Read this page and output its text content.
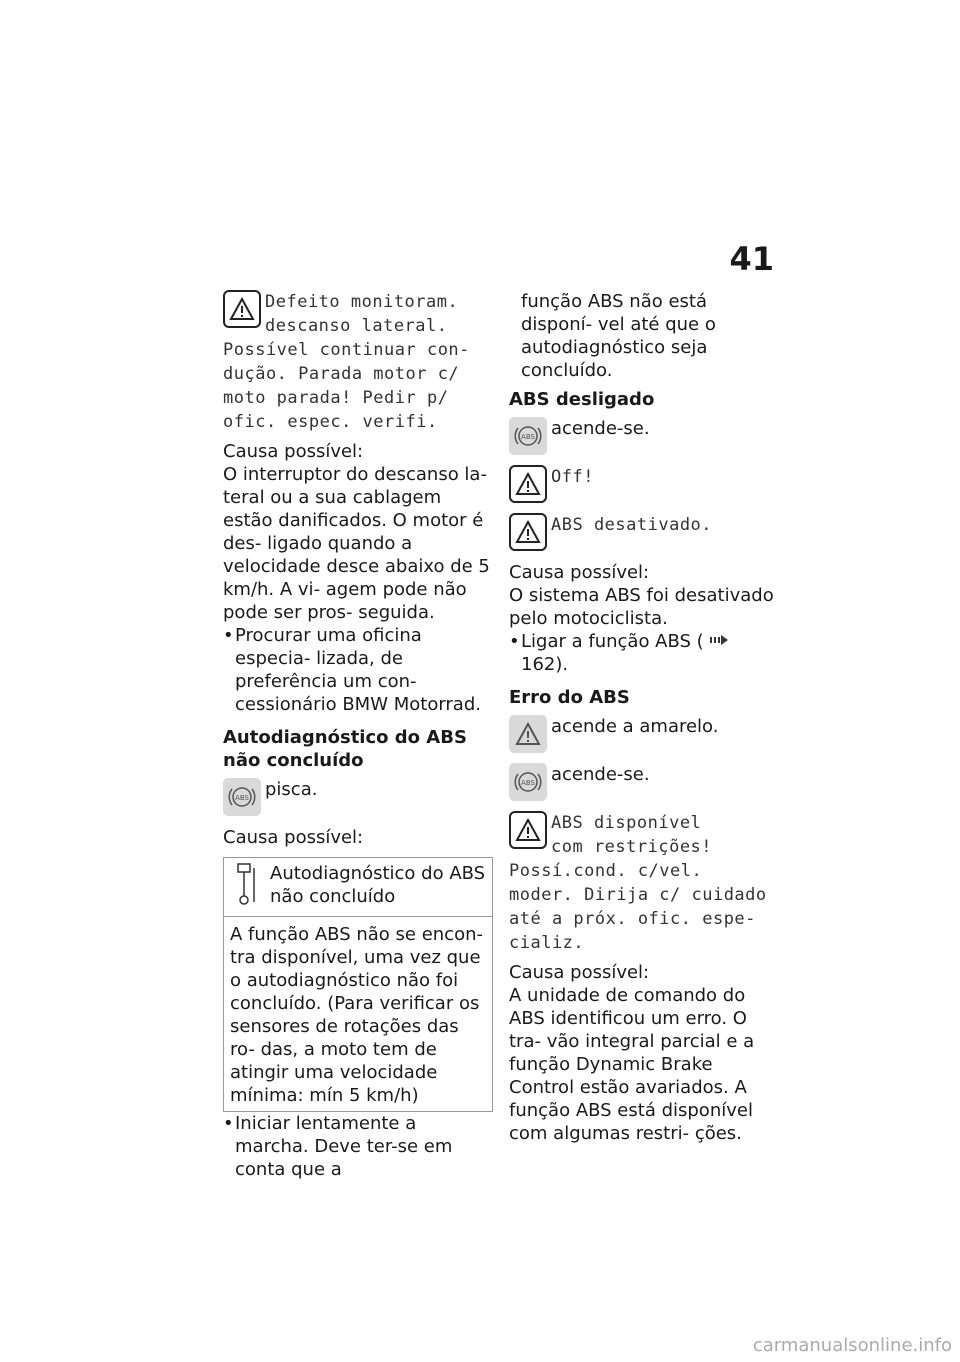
41

Defeito monitoram.

descanso lateral.

Possível continuar con-
dução. Parada motor c/
moto parada! Pedir p/
ofic. espec. verifi.

Causa possível:

O interruptor do descanso la- teral ou a sua cablagem estão danificados. O motor é des- ligado quando a velocidade desce abaixo de 5 km/h. A vi- agem pode não pode ser pros- seguida.

• Procurar uma oficina especia- lizada, de preferência um con- cessionário BMW Motorrad.

Autodiagnóstico do ABS não concluído

ABS pisca.

Causa possível:

Autodiagnóstico do ABS não concluído
A função ABS não se encon- tra disponível, uma vez que o autodiagnóstico não foi concluído. (Para verificar os sensores de rotações das ro- das, a moto tem de atingir uma velocidade mínima: mín 5 km/h)
• Iniciar lentamente a marcha. Deve ter-se em conta que a

função ABS não está disponí- vel até que o autodiagnóstico seja concluído.

ABS desligado

ABS acende-se.

Off!

ABS desativado.

Causa possível:

O sistema ABS foi desativado pelo motociclista.

• Ligar a função ABS (  162).

Erro do ABS

acende a amarelo.

ABS acende-se.

ABS disponível

com restrições!

Possí.cond. c/vel.
moder. Dirija c/ cuidado
até a próx. ofic. espe-
cializ.

Causa possível:

A unidade de comando do ABS identificou um erro. O tra- vão integral parcial e a função Dynamic Brake Control estão avariados. A função ABS está disponível com algumas restri- ções.

carmanualsonline.info
